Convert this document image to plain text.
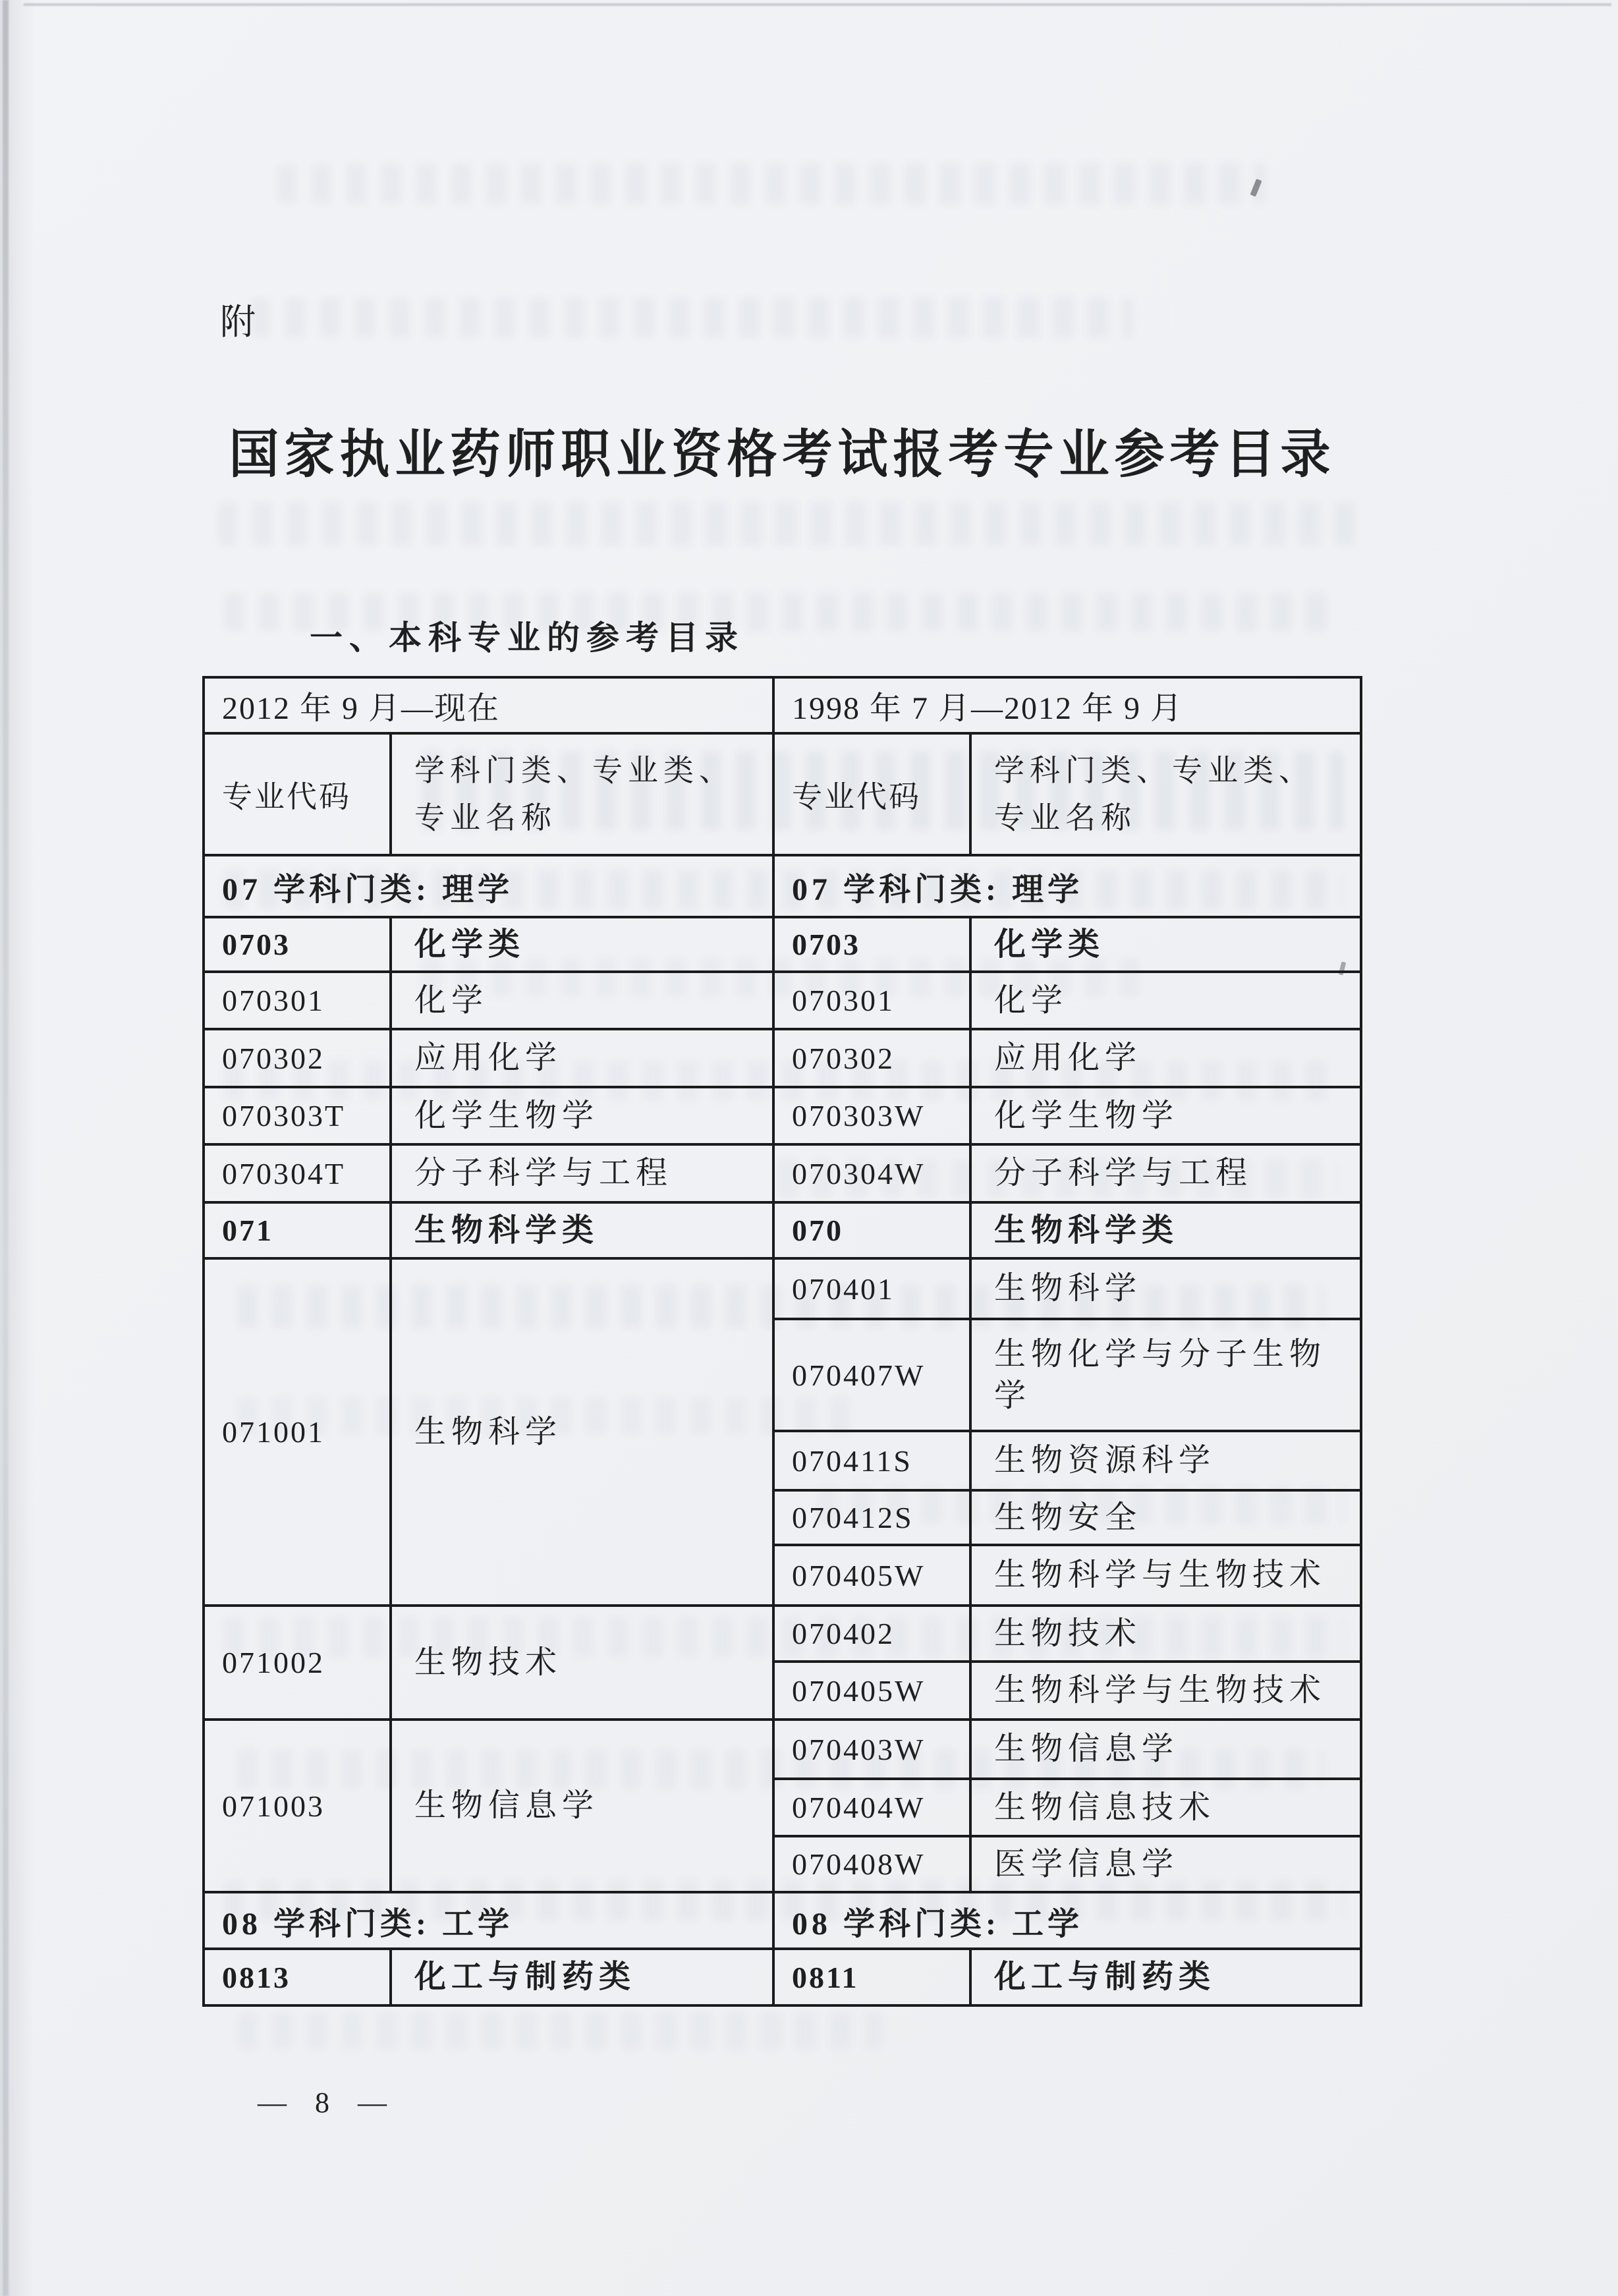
附
国家执业药师职业资格考试报考专业参考目录
一、本科专业的参考目录
2012 年 9 月—现在		1998 年 7 月—2012 年 9 月	
专业代码	学科门类、专业类、专业名称	专业代码	学科门类、专业类、专业名称
07 学科门类: 理学		07 学科门类: 理学	
0703	化学类	0703	化学类
070301	化学	070301	化学
070302	应用化学	070302	应用化学
070303T	化学生物学	070303W	化学生物学
070304T	分子科学与工程	070304W	分子科学与工程
071	生物科学类	070	生物科学类
071001	生物科学	070401	生物科学
		070407W	生物化学与分子生物学
		070411S	生物资源科学
		070412S	生物安全
		070405W	生物科学与生物技术
071002	生物技术	070402	生物技术
		070405W	生物科学与生物技术
071003	生物信息学	070403W	生物信息学
		070404W	生物信息技术
		070408W	医学信息学
08 学科门类: 工学		08 学科门类: 工学	
0813	化工与制药类	0811	化工与制药类
— 8 —
